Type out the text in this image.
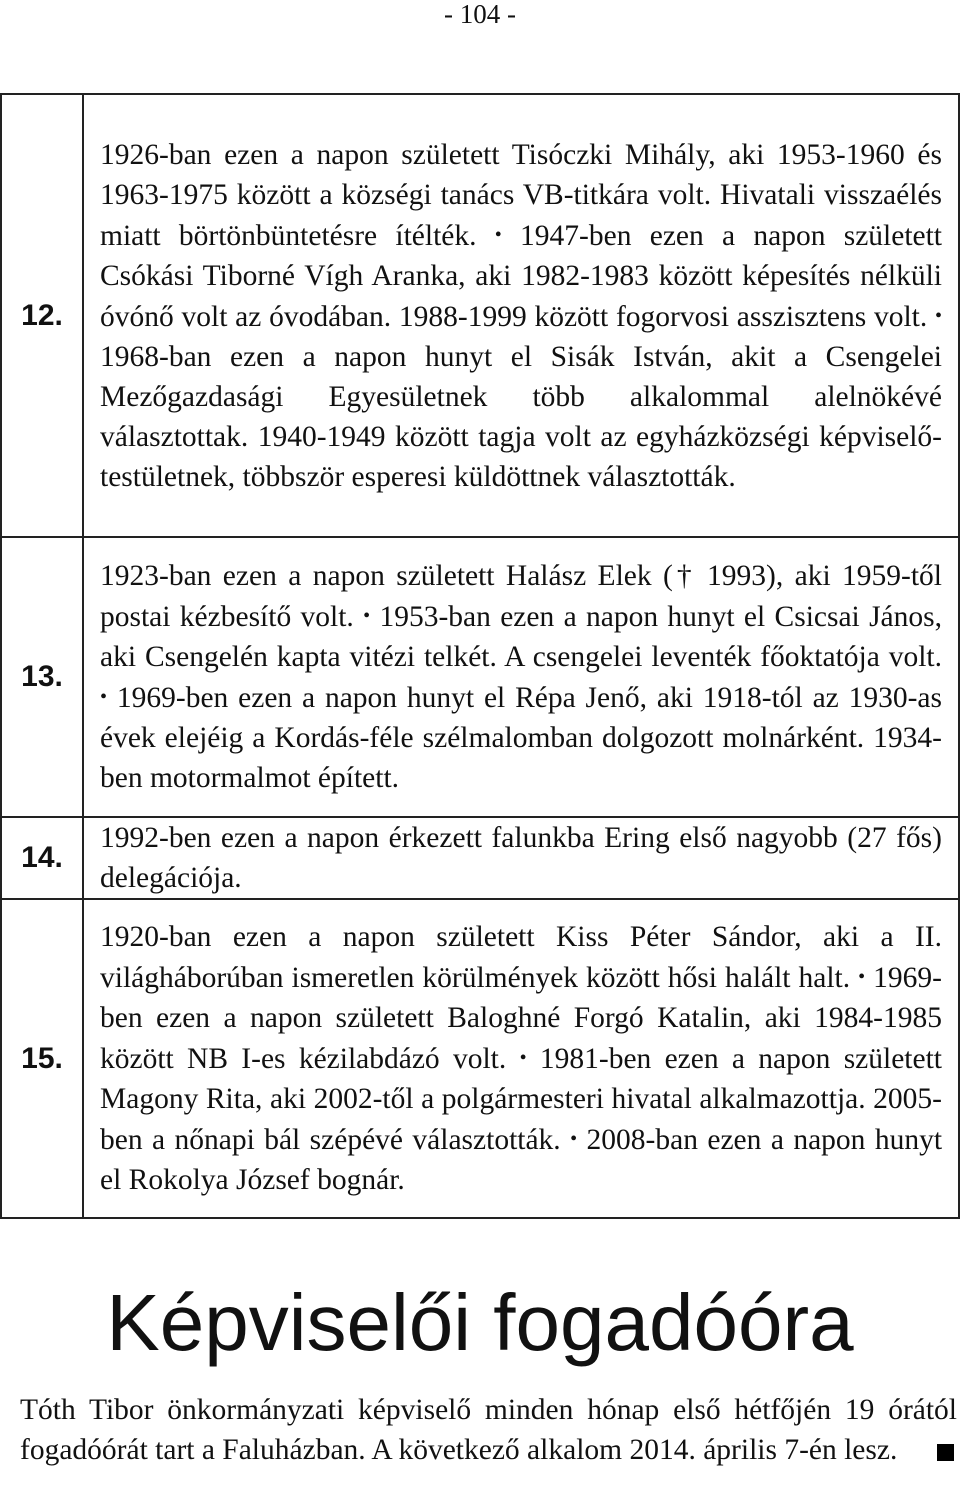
- 104 -
12.	1926-ban ezen a napon született Tisóczki Mihály, aki 1953-1960 és 1963-1975 között a községi tanács VB-titkára volt. Hivatali visszaélés miatt börtönbüntetésre ítélték. • 1947-ben ezen a napon született Csókási Tiborné Vígh Aranka, aki 1982-1983 között képesítés nélküli óvónő volt az óvodában. 1988-1999 között fogorvosi asszisztens volt. • 1968-ban ezen a napon hunyt el Sisák István, akit a Csengelei Mezőgazdasági Egyesületnek több alkalommal alelnökévé választottak. 1940-1949 között tagja volt az egyházközségi képviselő-testületnek, többször esperesi küldöttnek választották.
13.	1923-ban ezen a napon született Halász Elek († 1993), aki 1959-től postai kézbesítő volt. • 1953-ban ezen a napon hunyt el Csicsai János, aki Csengelén kapta vitézi telkét. A csengelei leventék főoktatója volt. • 1969-ben ezen a napon hunyt el Répa Jenő, aki 1918-tól az 1930-as évek elejéig a Kordás-féle szélmalomban dolgozott molnárként. 1934-ben motormalmot épített.
14.	1992-ben ezen a napon érkezett falunkba Ering első nagyobb (27 fős) delegációja.
15.	1920-ban ezen a napon született Kiss Péter Sándor, aki a II. világháborúban ismeretlen körülmények között hősi halált halt. • 1969-ben ezen a napon született Baloghné Forgó Katalin, aki 1984-1985 között NB I-es kézilabdázó volt. • 1981-ben ezen a napon született Magony Rita, aki 2002-től a polgármesteri hivatal alkalmazottja. 2005-ben a nőnapi bál szépévé választották. • 2008-ban ezen a napon hunyt el Rokolya József bognár.
Képviselői fogadóóra
Tóth Tibor önkormányzati képviselő minden hónap első hétfőjén 19 órától fogadóórát tart a Faluházban. A következő alkalom 2014. április 7-én lesz.
